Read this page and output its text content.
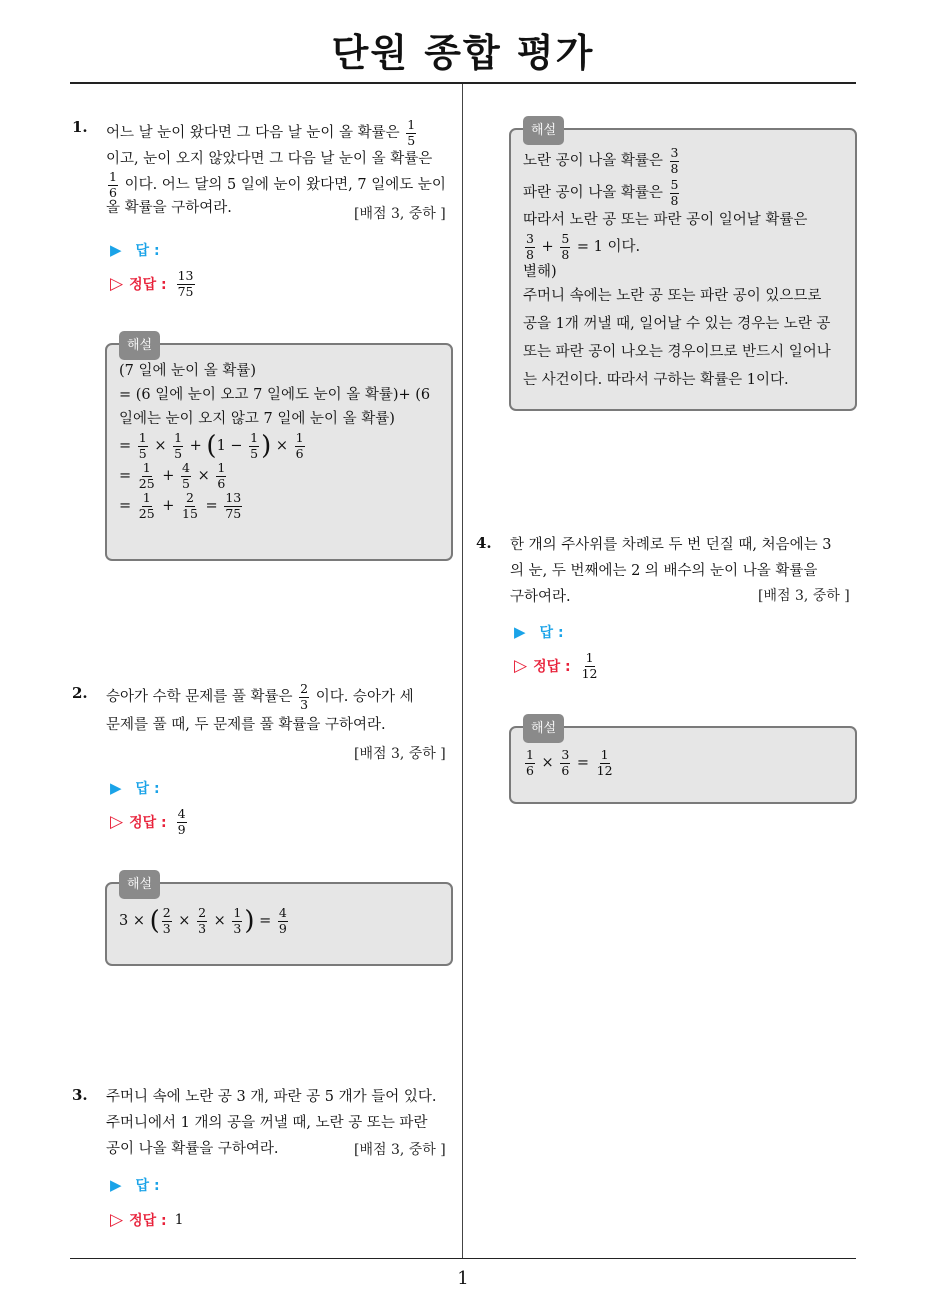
단원 종합 평가
1
1. 어느 날 눈이 왔다면 그 다음 날 눈이 올 확률은 $\frac{1}{5}$
이고, 눈이 오지 않았다면 그 다음 날 눈이 올 확률은
$\frac{1}{6}$ 이다. 어느 달의 5 일에 눈이 왔다면, 7 일에도 눈이
올 확률을 구하여라.	[배점 3, 중하 ]
▶ 답 :
▷ 정답 : $\frac{13}{75}$
해설
(7 일에 눈이 올 확률)
= (6 일에 눈이 오고 7 일에도 눈이 올 확률)+ (6
일에는 눈이 오지 않고 7 일에 눈이 올 확률)
= $\frac{1}{5} \times \frac{1}{5} + (1 - \frac{1}{5}$ ) × $\frac{1}{6}$
= $\frac{1}{25} + \frac{4}{5} \times \frac{1}{6}$
= $\frac{1}{25} + \frac{2}{15} = \frac{13}{75}$
2. 승아가 수학 문제를 풀 확률은 $\frac{2}{3}$ 이다. 승아가 세
문제를 풀 때, 두 문제를 풀 확률을 구하여라.
[배점 3, 중하 ]
▶ 답 :
▷ 정답 : $\frac{4}{9}$
해설
3 × ( $\frac{2}{3} \times \frac{2}{3} \times \frac{1}{3}$ ) = $\frac{4}{9}$
3. 주머니 속에 노란 공 3 개, 파란 공 5 개가 들어 있다.
주머니에서 1 개의 공을 꺼낼 때, 노란 공 또는 파란
공이 나올 확률을 구하여라.	[배점 3, 중하 ]
▶ 답 :
▷ 정답 : 1
해설
노란 공이 나올 확률은 $\frac{3}{8}$
파란 공이 나올 확률은 $\frac{5}{8}$
따라서 노란 공 또는 파란 공이 일어날 확률은
$\frac{3}{8} + \frac{5}{8} = 1$ 이다.
별해)
주머니 속에는 노란 공 또는 파란 공이 있으므로
공을 1개 꺼낼 때, 일어날 수 있는 경우는 노란 공
또는 파란 공이 나오는 경우이므로 반드시 일어나
는 사건이다. 따라서 구하는 확률은 1이다.
4. 한 개의 주사위를 차례로 두 번 던질 때, 처음에는 3
의 눈, 두 번째에는 2 의 배수의 눈이 나올 확률을
구하여라.	[배점 3, 중하 ]
▶ 답 :
▷ 정답 : $\frac{1}{12}$
해설
$\frac{1}{6} \times \frac{3}{6} = \frac{1}{12}$
